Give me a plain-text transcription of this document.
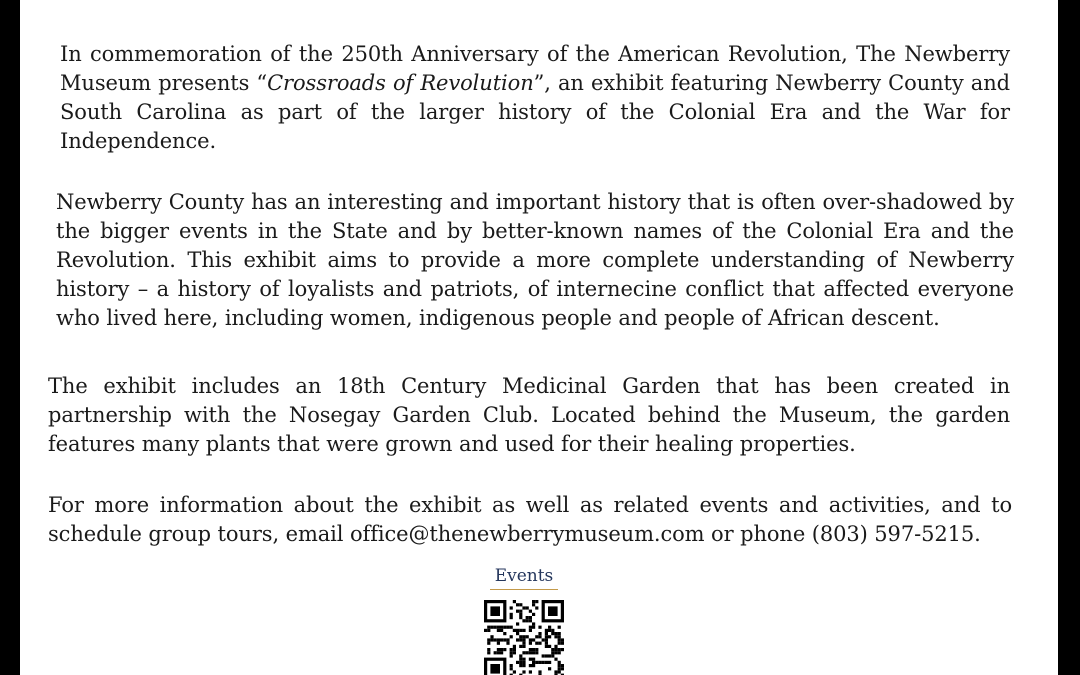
In commemoration of the 250th Anniversary of the American Revolution, The Newberry Museum presents “Crossroads of Revolution”, an exhibit featuring Newberry County and South Carolina as part of the larger history of the Colonial Era and the War for Independence.

Newberry County has an interesting and important history that is often over-shadowed by the bigger events in the State and by better-known names of the Colonial Era and the Revolution. This exhibit aims to provide a more complete understanding of Newberry history – a history of loyalists and patriots, of internecine conflict that affected everyone who lived here, including women, indigenous people and people of African descent.

The exhibit includes an 18th Century Medicinal Garden that has been created in partnership with the Nosegay Garden Club. Located behind the Museum, the garden features many plants that were grown and used for their healing properties.

For more information about the exhibit as well as related events and activities, and to schedule group tours, email office@thenewberrymuseum.com or phone (803) 597-5215.

Events
